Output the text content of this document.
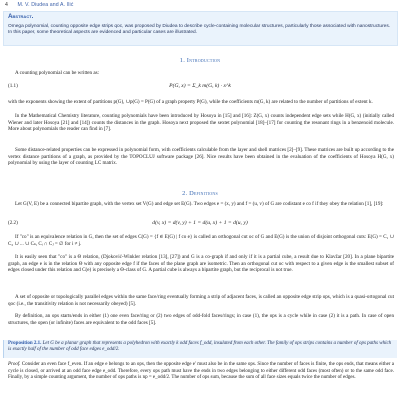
4 M. V. Diudea and A. Ilić
Abstract.
Omega polynomial, counting opposite edge strips qoc, was proposed by Diudea to describe cycle-containing molecular structures, particularly those associated with nanostructures. In this paper, some theoretical aspects are evidenced and particular cases are illustrated.
1. Introduction
A counting polynomial can be written as:
(1.1)	P(G, x) = Σ_k m(G, k) · x^k
with the exponents showing the extent of partitions p(G), ∪p(G) = P(G) of a graph property P(G), while the coefficients m(G, k) are related to the number of partitions of extent k.
In the Mathematical Chemistry literature, counting polynomials have been introduced by Hosoya in [15] and [16]: Z(G, x) counts independent edge sets while H(G, x) (initially called Wiener and later Hosoya [21] and [14]) counts the distances in the graph. Hosoya next proposed the sextet polynomial [18]–[17] for counting the resonant rings in a benzenoid molecule. More about polynomials the reader can find in [7].
Some distance-related properties can be expressed in polynomial form, with coefficients calculable from the layer and shell matrices [2]–[9]. These matrices are built up according to the vertex distance partitions of a graph, as provided by the TOPOCLUJ software package [26]. Nice results have been obtained in the evaluation of the coefficients of Hosoya H(G, x) polynomial by using the layer of counting LC matrix.
2. Definitions
Let G(V, E) be a connected bipartite graph, with the vertex set V(G) and edge set E(G). Two edges e = (x, y) and f = (u, v) of G are codistant e co f if they obey the relation [1], [19]:
(2.2)	d(v, x) = d(v, y) + 1 = d(u, x) + 1 = d(u, y)
If "co" is an equivalence relation in G, then the set of edges C(G) = {f ∈ E(G) | f co e} is called an orthogonal cut oc of G and E(G) is the union of disjoint orthogonal cuts: E(G) = C₁ ∪ C₂ ∪ ... ∪ Cₖ, Cᵢ ∩ Cⱼ = ∅ for i ≠ j.
It is easily seen that "co" is a Θ relation, (Djoković-Winkler relation [13], [27]) and G is a co-graph if and only if it is a partial cube, a result due to Klavžar [20]. In a plane bipartite graph, an edge e is in the relation Θ with any opposite edge f if the faces of the plane graph are isometric. Then an orthogonal cut oc with respect to a given edge is the smallest subset of edges closed under this relation and C(e) is precisely a Θ-class of G. A partial cube is always a bipartite graph, but the reciprocal is not true.
A set of opposite or topologically parallel edges within the same face/ring eventually forming a strip of adjacent faces, is called an opposite edge strip ops, which is a quasi-ortogonal cut qoc (i.e., the transitivity relation is not necessarily obeyed) [5].
By definition, an ops starts/ends in either (1) one even face/ring or (2) two edges of odd-fold faces/rings; in case (1), the ops is a cycle while in case (2) it is a path. In case of open structures, the open (or infinite) faces are equivalent to the odd faces [5].
Proposition 2.1. Let G be a planar graph that represents a polyhedron with exactly k odd faces f_odd, insulated from each other. The family of ops strips contains a number of ops paths which is exactly half of the number of odd face edges e_odd/2.
Proof. Consider an even face f_even. If an edge e belongs to an ops, then the opposite edge e' must also be in the same ops. Since the number of faces is finite, the ops ends, that means either a cycle is closed, or arrived at an odd face edge e_odd. Therefore, every ops path must have the ends in two edges belonging to either different odd faces (most often) or to the same odd face. Finally, by a simple counting argument, the number of ops paths is np = e_odd/2. The number of ops sum, because the sum of all face sizes equals twice the number of edges.
